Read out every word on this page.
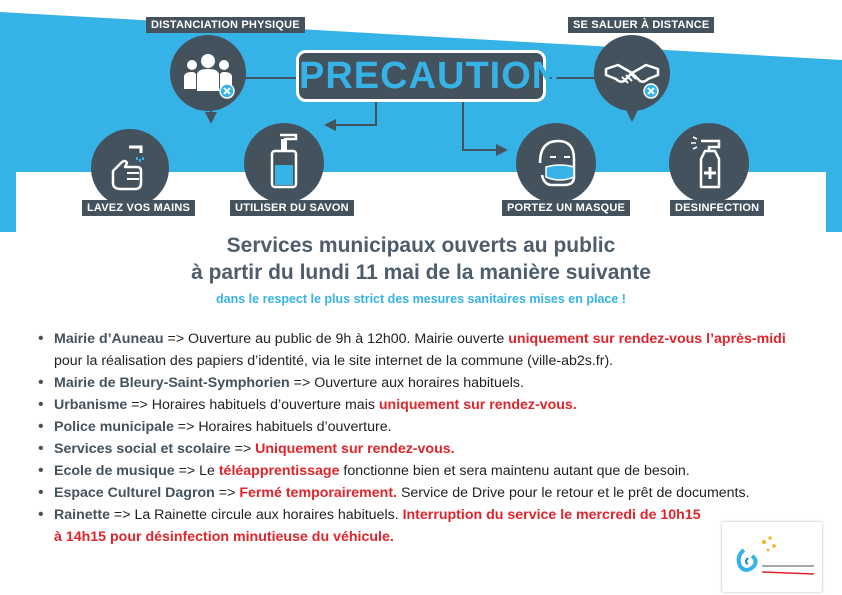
PRECAUTION
DISTANCIATION PHYSIQUE	SE SALUER À DISTANCE
LAVEZ VOS MAINS	UTILISER DU SAVON	PORTEZ UN MASQUE	DESINFECTION
Services municipaux ouverts au public
à partir du lundi 11 mai de la manière suivante
dans le respect le plus strict des mesures sanitaires mises en place !
• Mairie d’Auneau => Ouverture au public de 9h à 12h00. Mairie ouverte uniquement sur rendez-vous l’après-midi pour la réalisation des papiers d’identité, via le site internet de la commune (ville-ab2s.fr).
• Mairie de Bleury-Saint-Symphorien => Ouverture aux horaires habituels.
• Urbanisme => Horaires habituels d’ouverture mais uniquement sur rendez-vous.
• Police municipale => Horaires habituels d’ouverture.
• Services social et scolaire => Uniquement sur rendez-vous.
• Ecole de musique => Le téléapprentissage fonctionne bien et sera maintenu autant que de besoin.
• Espace Culturel Dagron => Fermé temporairement. Service de Drive pour le retour et le prêt de documents.
• Rainette => La Rainette circule aux horaires habituels. Interruption du service le mercredi de 10h15 à 14h15 pour désinfection minutieuse du véhicule.
